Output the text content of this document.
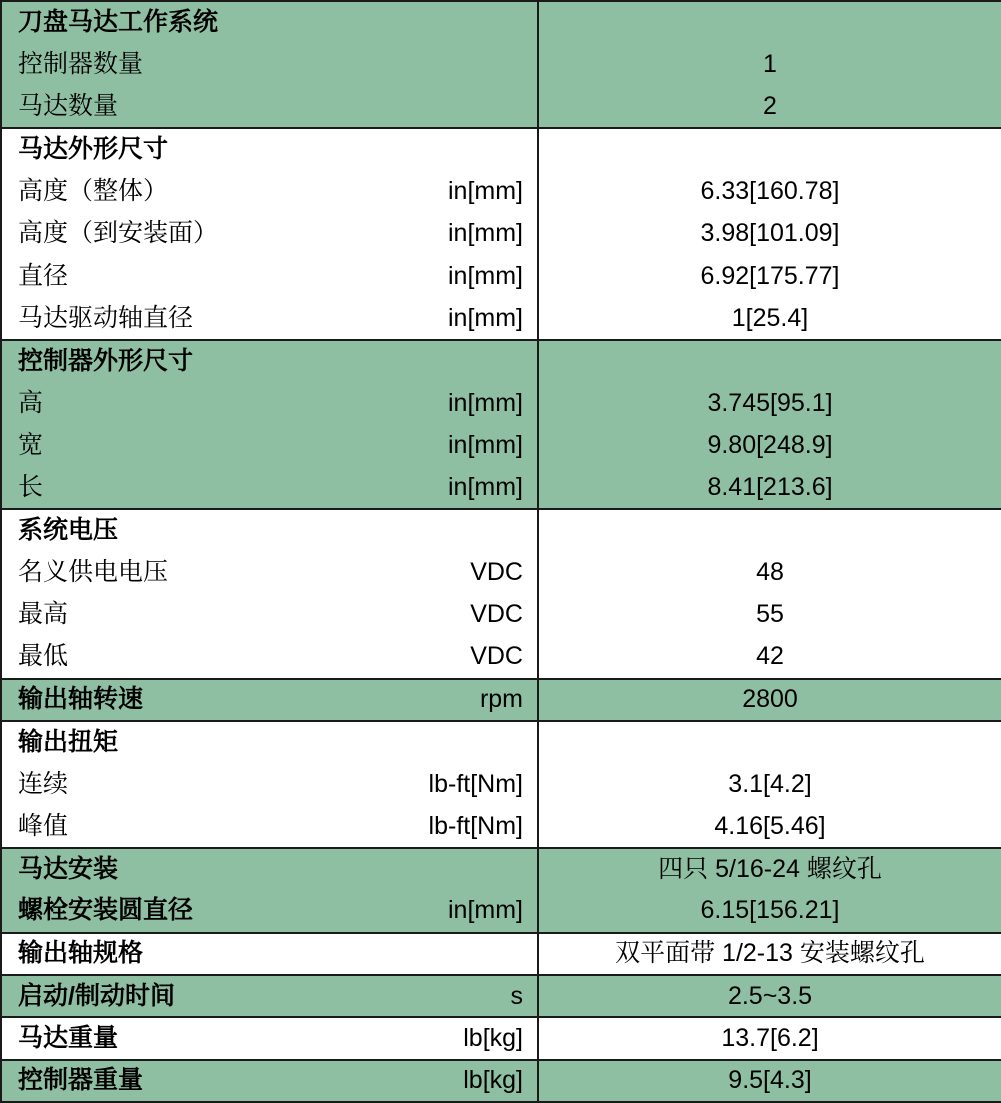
刀盘马达工作系统		
控制器数量		1
马达数量		2
马达外形尺寸		
高度（整体）	in[mm]	6.33[160.78]
高度（到安装面）	in[mm]	3.98[101.09]
直径	in[mm]	6.92[175.77]
马达驱动轴直径	in[mm]	1[25.4]
控制器外形尺寸		
高	in[mm]	3.745[95.1]
宽	in[mm]	9.80[248.9]
长	in[mm]	8.41[213.6]
系统电压		
名义供电电压	VDC	48
最高	VDC	55
最低	VDC	42
输出轴转速	rpm	2800
输出扭矩		
连续	lb-ft[Nm]	3.1[4.2]
峰值	lb-ft[Nm]	4.16[5.46]
马达安装		四只 5/16-24 螺纹孔
螺栓安装圆直径	in[mm]	6.15[156.21]
输出轴规格		双平面带 1/2-13 安装螺纹孔
启动/制动时间	s	2.5~3.5
马达重量	lb[kg]	13.7[6.2]
控制器重量	lb[kg]	9.5[4.3]
